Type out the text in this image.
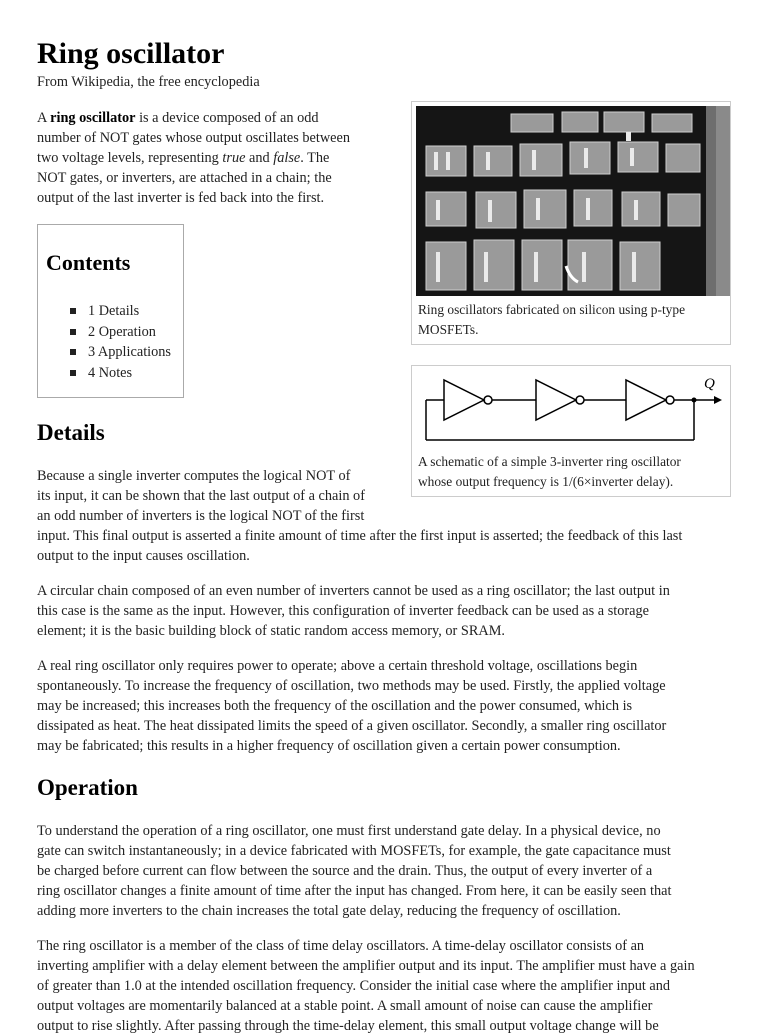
Ring oscillator
From Wikipedia, the free encyclopedia
A ring oscillator is a device composed of an odd
number of NOT gates whose output oscillates between
two voltage levels, representing true and false. The
NOT gates, or inverters, are attached in a chain; the
output of the last inverter is fed back into the first.
Contents
1 Details
2 Operation
3 Applications
4 Notes
Ring oscillators fabricated on silicon using p-type
MOSFETs.
Q
A schematic of a simple 3-inverter ring oscillator
whose output frequency is 1/(6×inverter delay).
Details
Because a single inverter computes the logical NOT of
its input, it can be shown that the last output of a chain of
an odd number of inverters is the logical NOT of the first
input. This final output is asserted a finite amount of time after the first input is asserted; the feedback of this last
output to the input causes oscillation.
A circular chain composed of an even number of inverters cannot be used as a ring oscillator; the last output in
this case is the same as the input. However, this configuration of inverter feedback can be used as a storage
element; it is the basic building block of static random access memory, or SRAM.
A real ring oscillator only requires power to operate; above a certain threshold voltage, oscillations begin
spontaneously. To increase the frequency of oscillation, two methods may be used. Firstly, the applied voltage
may be increased; this increases both the frequency of the oscillation and the power consumed, which is
dissipated as heat. The heat dissipated limits the speed of a given oscillator. Secondly, a smaller ring oscillator
may be fabricated; this results in a higher frequency of oscillation given a certain power consumption.
Operation
To understand the operation of a ring oscillator, one must first understand gate delay. In a physical device, no
gate can switch instantaneously; in a device fabricated with MOSFETs, for example, the gate capacitance must
be charged before current can flow between the source and the drain. Thus, the output of every inverter of a
ring oscillator changes a finite amount of time after the input has changed. From here, it can be easily seen that
adding more inverters to the chain increases the total gate delay, reducing the frequency of oscillation.
The ring oscillator is a member of the class of time delay oscillators. A time-delay oscillator consists of an
inverting amplifier with a delay element between the amplifier output and its input. The amplifier must have a gain
of greater than 1.0 at the intended oscillation frequency. Consider the initial case where the amplifier input and
output voltages are momentarily balanced at a stable point. A small amount of noise can cause the amplifier
output to rise slightly. After passing through the time-delay element, this small output voltage change will be
